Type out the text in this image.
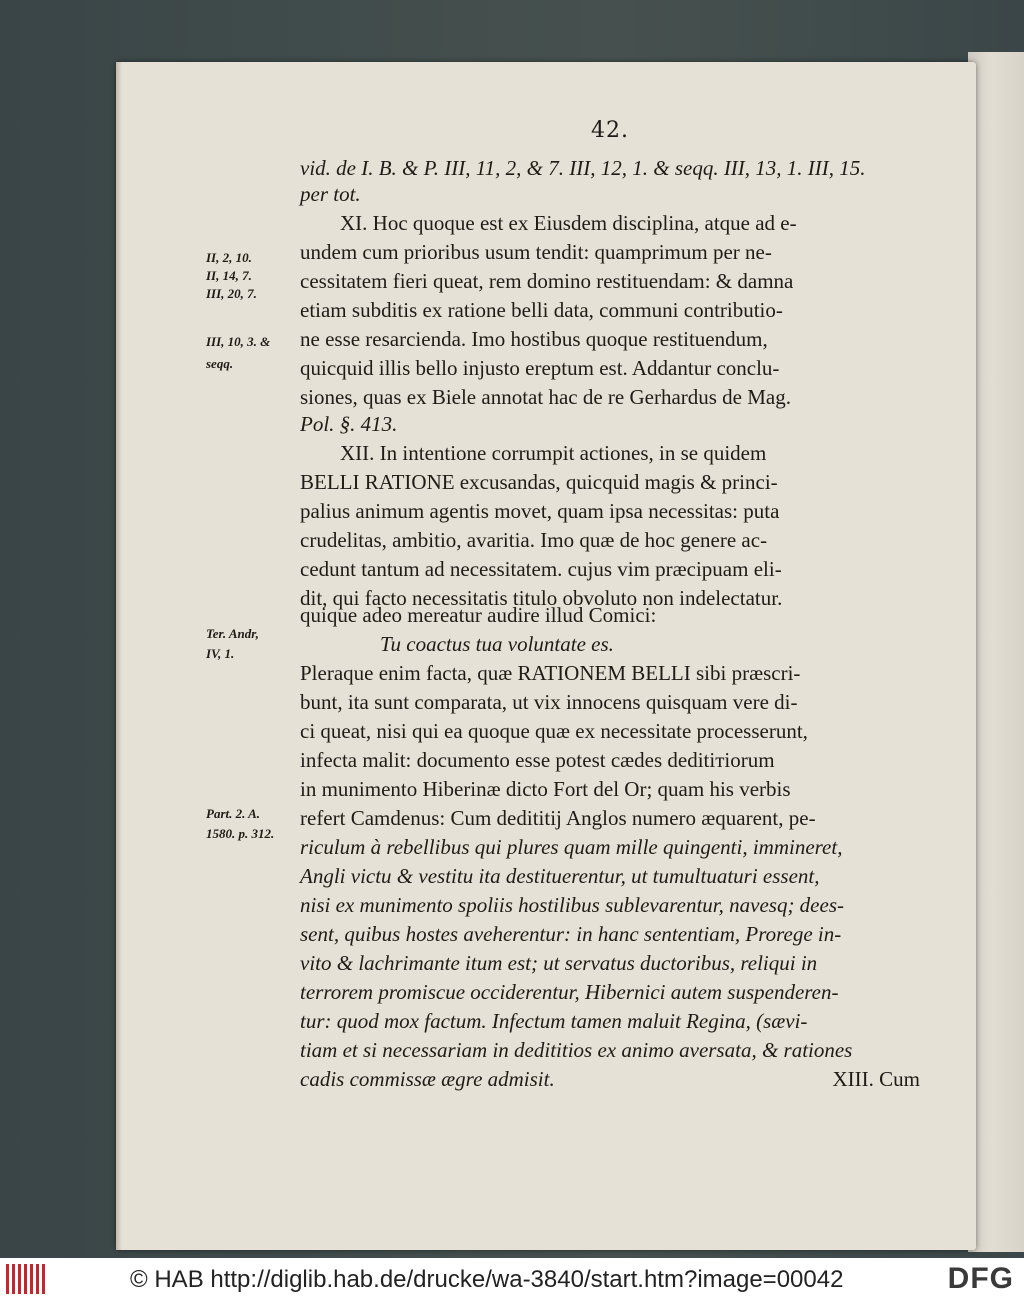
42.
vid. de I. B. & P. III, 11, 2, & 7. III, 12, 1. & seqq. III, 13, 1. III, 15.
per tot.
XI. Hoc quoque est ex Eiusdem disciplina, atque ad e-
undem cum prioribus usum tendit: quamprimum per ne-
cessitatem fieri queat, rem domino restituendam: & damna
etiam subditis ex ratione belli data, communi contributio-
ne esse resarcienda. Imo hostibus quoque restituendum,
quicquid illis bello injusto ereptum est. Addantur conclu-
siones, quas ex Biele annotat hac de re Gerhardus de Mag.
Pol. §. 413.
XII. In intentione corrumpit actiones, in se quidem
BELLI RATIONE excusandas, quicquid magis & princi-
palius animum agentis movet, quam ipsa necessitas: puta
crudelitas, ambitio, avaritia. Imo quæ de hoc genere ac-
cedunt tantum ad necessitatem. cujus vim præcipuam eli-
dit, qui facto necessitatis titulo obvoluto non indelectatur.
quique adeo mereatur audire illud Comici:
Tu coactus tua voluntate es.
Pleraque enim facta, quæ RATIONEM BELLI sibi præscri-
bunt, ita sunt comparata, ut vix innocens quisquam vere di-
ci queat, nisi qui ea quoque quæ ex necessitate processerunt,
infecta malit: documento esse potest cædes deditiтiorum
in munimento Hiberinæ dicto Fort del Or; quam his verbis
refert Camdenus: Cum dedititij Anglos numero æquarent, pe-
riculum à rebellibus qui plures quam mille quingenti, immineret,
Angli victu & vestitu ita destituerentur, ut tumultuaturi essent,
nisi ex munimento spoliis hostilibus sublevarentur, navesq; dees-
sent, quibus hostes aveherentur: in hanc sententiam, Prorege in-
vito & lachrimante itum est; ut servatus ductoribus, reliqui in
terrorem promiscue occiderentur, Hibernici autem suspenderen-
tur: quod mox factum. Infectum tamen maluit Regina, (sævi-
tiam et si necessariam in dedititios ex animo aversata, & rationes
cadis commissæ ægre admisit.	XIII. Cum
II, 2, 10.
II, 14, 7.
III, 20, 7.
III, 10, 3. &
seqq.
Ter. Andr,
IV, 1.
Part. 2. A.
1580. p. 312.
© HAB http://diglib.hab.de/drucke/wa-3840/start.htm?image=00042	DFG
